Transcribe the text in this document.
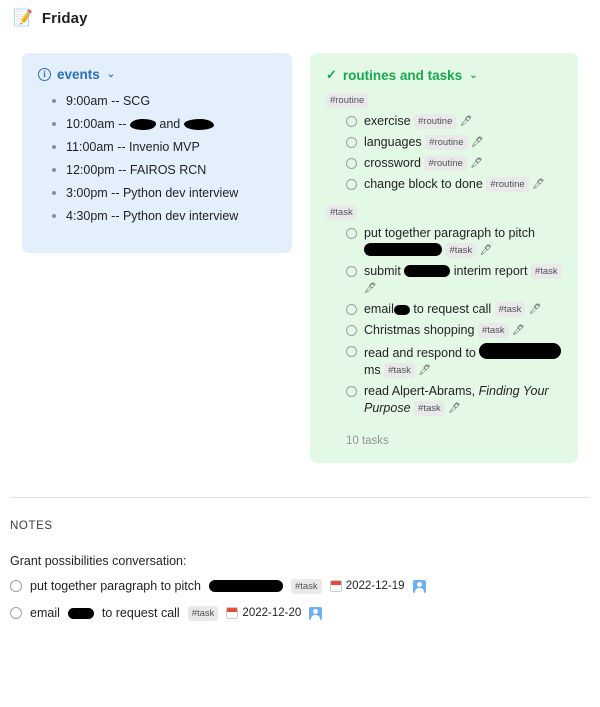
📝 Friday
i events ⌄
9:00am -- SCG
10:00am --  and
11:00am -- Invenio MVP
12:00pm -- FAIROS RCN
3:00pm -- Python dev interview
4:30pm -- Python dev interview
✓ routines and tasks ⌄
#routine
exercise #routine 🖊
languages #routine 🖊
crossword #routine 🖊
change block to done #routine 🖊
#task
put together paragraph to pitch
#task 🖊
submit	interim report #task
🖊
email to request call #task 🖊
Christmas shopping #task 🖊
read and respond to
ms #task 🖊
read Alpert-Abrams, Finding Your Purpose #task 🖊
10 tasks
NOTES
Grant possibilities conversation:
put together paragraph to pitch	#task	2022-12-19
email	to request call	#task	2022-12-20
